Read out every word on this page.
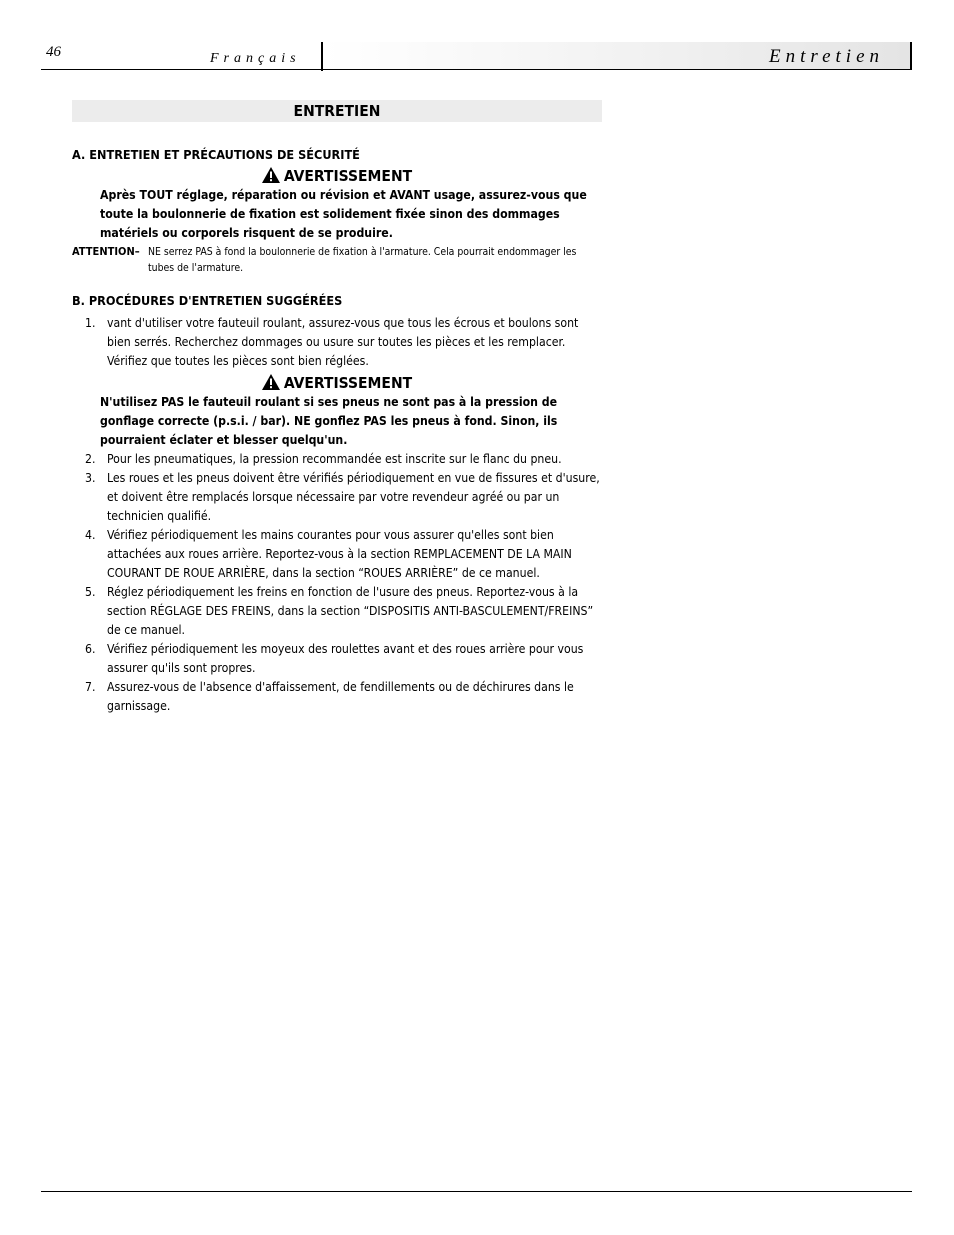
46	Français	Entretien
ENTRETIEN
A. ENTRETIEN ET PRÉCAUTIONS DE SÉCURITÉ
AVERTISSEMENT
Après TOUT réglage, réparation ou révision et AVANT usage, assurez-vous que toute la boulonnerie de fixation est solidement fixée sinon des dommages matériels ou corporels risquent de se produire.
ATTENTION– NE serrez PAS à fond la boulonnerie de fixation à l'armature. Cela pourrait endommager les tubes de l'armature.
B. PROCÉDURES D'ENTRETIEN SUGGÉRÉES
1. vant d'utiliser votre fauteuil roulant, assurez-vous que tous les écrous et boulons sont bien serrés. Recherchez dommages ou usure sur toutes les pièces et les remplacer. Vérifiez que toutes les pièces sont bien réglées.
AVERTISSEMENT
N'utilisez PAS le fauteuil roulant si ses pneus ne sont pas à la pression de gonflage correcte (p.s.i. / bar). NE gonflez PAS les pneus à fond. Sinon, ils pourraient éclater et blesser quelqu'un.
2. Pour les pneumatiques, la pression recommandée est inscrite sur le flanc du pneu.
3. Les roues et les pneus doivent être vérifiés périodiquement en vue de fissures et d'usure, et doivent être remplacés lorsque nécessaire par votre revendeur agréé ou par un technicien qualifié.
4. Vérifiez périodiquement les mains courantes pour vous assurer qu'elles sont bien attachées aux roues arrière. Reportez-vous à la section REMPLACEMENT DE LA MAIN COURANT DE ROUE ARRIÈRE, dans la section “ROUES ARRIÈRE” de ce manuel.
5. Réglez périodiquement les freins en fonction de l'usure des pneus. Reportez-vous à la section RÉGLAGE DES FREINS, dans la section “DISPOSITIS ANTI-BASCULEMENT/FREINS” de ce manuel.
6. Vérifiez périodiquement les moyeux des roulettes avant et des roues arrière pour vous assurer qu'ils sont propres.
7. Assurez-vous de l'absence d'affaissement, de fendillements ou de déchirures dans le garnissage.
